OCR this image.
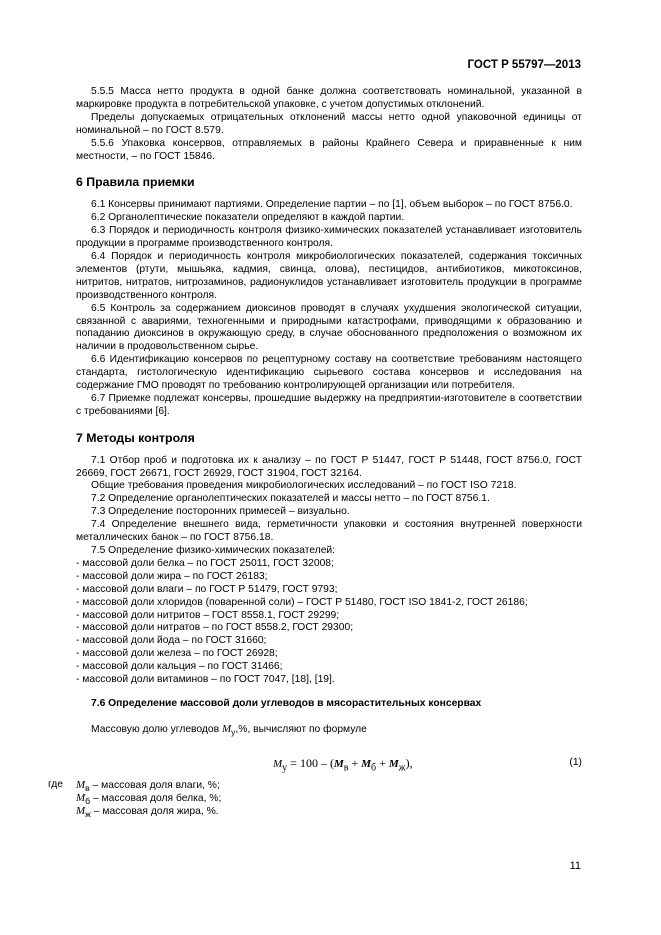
ГОСТ Р 55797—2013

5.5.5 Масса нетто продукта в одной банке должна соответствовать номинальной, указанной в маркировке продукта в потребительской упаковке, с учетом допустимых отклонений.

Пределы допускаемых отрицательных отклонений массы нетто одной упаковочной единицы от номинальной – по ГОСТ 8.579.

5.5.6 Упаковка консервов, отправляемых в районы Крайнего Севера и приравненные к ним местности, – по ГОСТ 15846.

6 Правила приемки

6.1 Консервы принимают партиями. Определение партии – по [1], объем выборок – по ГОСТ 8756.0.

6.2 Органолептические показатели определяют в каждой партии.

6.3 Порядок и периодичность контроля физико-химических показателей устанавливает изготовитель продукции в программе производственного контроля.

6.4 Порядок и периодичность контроля микробиологических показателей, содержания токсичных элементов (ртути, мышьяка, кадмия, свинца, олова), пестицидов, антибиотиков, микотоксинов, нитритов, нитратов, нитрозаминов, радионуклидов устанавливает изготовитель продукции в программе производственного контроля.

6.5 Контроль за содержанием диоксинов проводят в случаях ухудшения экологической ситуации, связанной с авариями, техногенными и природными катастрофами, приводящими к образованию и попаданию диоксинов в окружающую среду, в случае обоснованного предположения о возможном их наличии в продовольственном сырье.

6.6 Идентификацию консервов по рецептурному составу на соответствие требованиям настоящего стандарта, гистологическую идентификацию сырьевого состава консервов и исследования на содержание ГМО проводят по требованию контролирующей организации или потребителя.

6.7 Приемке подлежат консервы, прошедшие выдержку на предприятии-изготовителе в соответствии с требованиями [6].

7 Методы контроля

7.1 Отбор проб и подготовка их к анализу – по ГОСТ Р 51447, ГОСТ Р 51448, ГОСТ 8756.0, ГОСТ 26669, ГОСТ 26671, ГОСТ 26929, ГОСТ 31904, ГОСТ 32164.

Общие требования проведения микробиологических исследований – по ГОСТ ISO 7218.

7.2 Определение органолептических показателей и массы нетто – по ГОСТ 8756.1.

7.3 Определение посторонних примесей – визуально.

7.4 Определение внешнего вида, герметичности упаковки и состояния внутренней поверхности металлических банок – по ГОСТ 8756.18.

7.5 Определение физико-химических показателей:

- массовой доли белка – по ГОСТ 25011, ГОСТ 32008;

- массовой доли жира – по ГОСТ 26183;

- массовой доли влаги – по ГОСТ Р 51479, ГОСТ 9793;

- массовой доли хлоридов (поваренной соли) – ГОСТ Р 51480, ГОСТ ISO 1841-2, ГОСТ 26186;

- массовой доли нитритов – ГОСТ 8558.1, ГОСТ 29299;

- массовой доли нитратов – по ГОСТ 8558.2, ГОСТ 29300;

- массовой доли йода – по ГОСТ 31660;

- массовой доли железа – по ГОСТ 26928;

- массовой доли кальция – по ГОСТ 31466;

- массовой доли витаминов – по ГОСТ 7047, [18], [19].

7.6 Определение массовой доли углеводов в мясорастительных консервах

Массовую долю углеводов $M_у,\%$, вычисляют по формуле

$M_у = 100 - (M_в + M_б + M_ж)$,	(1)
где $M_в$ – массовая доля влаги, %;
$M_б$ – массовая доля белка, %;
$M_ж$ – массовая доля жира, %.
11
